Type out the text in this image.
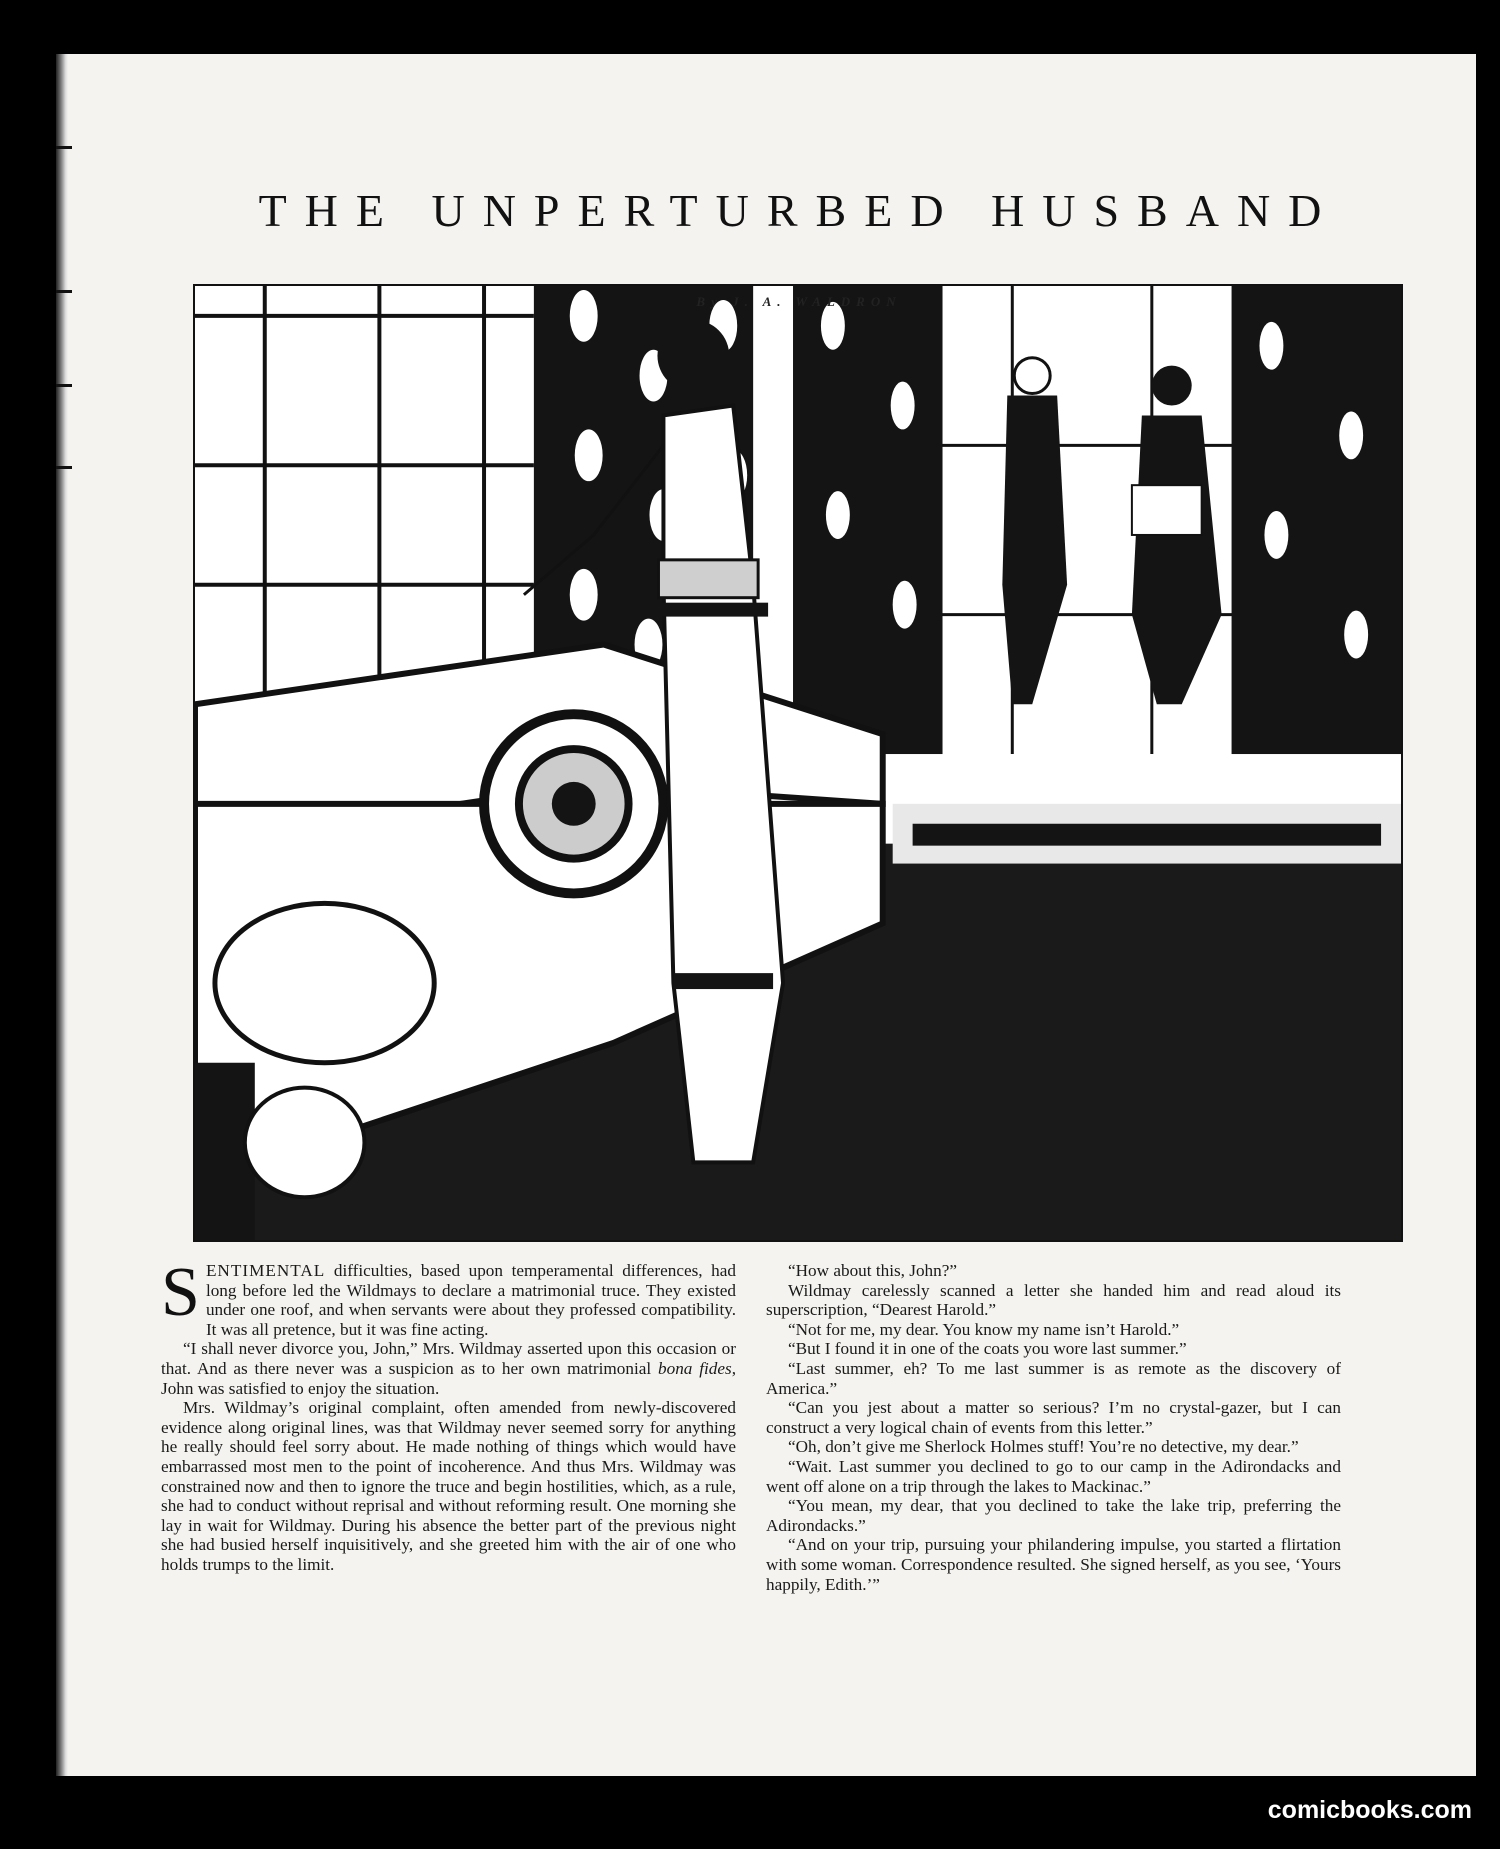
THE UNPERTURBED HUSBAND
By J. A. WALDRON

SENTIMENTAL difficulties, based upon temperamental differences, had long before led the Wildmays to declare a matrimonial truce. They existed under one roof, and when servants were about they professed compatibility. It was all pretence, but it was fine acting.

“I shall never divorce you, John,” Mrs. Wildmay asserted upon this occasion or that. And as there never was a suspicion as to her own matrimonial bona fides, John was satisfied to enjoy the situation.

Mrs. Wildmay’s original complaint, often amended from newly-discovered evidence along original lines, was that Wildmay never seemed sorry for anything he really should feel sorry about. He made nothing of things which would have embarrassed most men to the point of incoherence. And thus Mrs. Wildmay was constrained now and then to ignore the truce and begin hostilities, which, as a rule, she had to conduct without reprisal and without reforming result. One morning she lay in wait for Wildmay. During his absence the better part of the previous night she had busied herself inquisitively, and she greeted him with the air of one who holds trumps to the limit.

“How about this, John?”

Wildmay carelessly scanned a letter she handed him and read aloud its superscription, “Dearest Harold.”

“Not for me, my dear. You know my name isn’t Harold.”

“But I found it in one of the coats you wore last summer.”

“Last summer, eh? To me last summer is as remote as the discovery of America.”

“Can you jest about a matter so serious? I’m no crystal-gazer, but I can construct a very logical chain of events from this letter.”

“Oh, don’t give me Sherlock Holmes stuff! You’re no detective, my dear.”

“Wait. Last summer you declined to go to our camp in the Adirondacks and went off alone on a trip through the lakes to Mackinac.”

“You mean, my dear, that you declined to take the lake trip, preferring the Adirondacks.”

“And on your trip, pursuing your philandering impulse, you started a flirtation with some woman. Correspondence resulted. She signed herself, as you see, ‘Yours happily, Edith.’”

comicbooks.com
